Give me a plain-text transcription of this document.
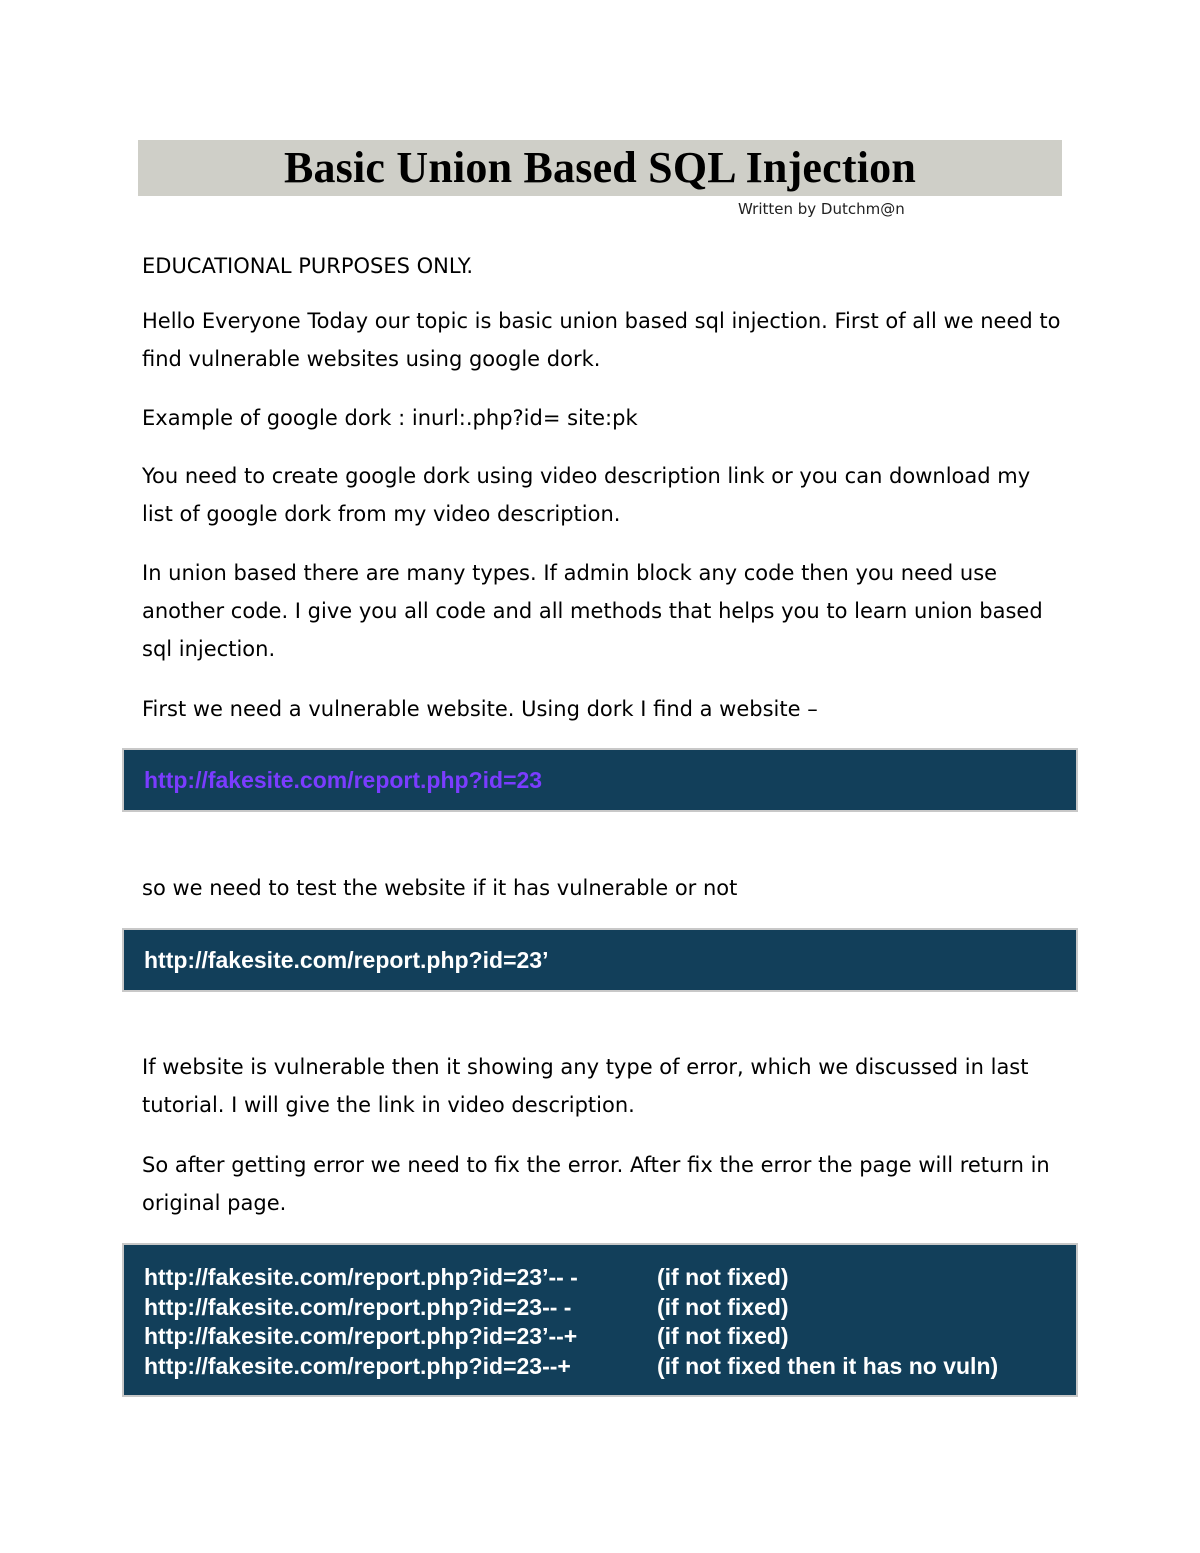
Basic Union Based SQL Injection
Written by Dutchm@n

EDUCATIONAL PURPOSES ONLY.

Hello Everyone Today our topic is basic union based sql injection. First of all we need to find vulnerable websites using google dork.

Example of google dork : inurl:.php?id= site:pk

You need to create google dork using video description link or you can download my list of google dork from my video description.

In union based there are many types. If admin block any code then you need use another code. I give you all code and all methods that helps you to learn union based sql injection.

First we need a vulnerable website. Using dork I find a website –

http://fakesite.com/report.php?id=23

so we need to test the website if it has vulnerable or not

http://fakesite.com/report.php?id=23’

If website is vulnerable then it showing any type of error, which we discussed in last tutorial. I will give the link in video description.

So after getting error we need to fix the error. After fix the error the page will return in original page.

http://fakesite.com/report.php?id=23’-- -	(if not fixed)
http://fakesite.com/report.php?id=23-- -	(if not fixed)
http://fakesite.com/report.php?id=23’--+	(if not fixed)
http://fakesite.com/report.php?id=23--+	(if not fixed then it has no vuln)
